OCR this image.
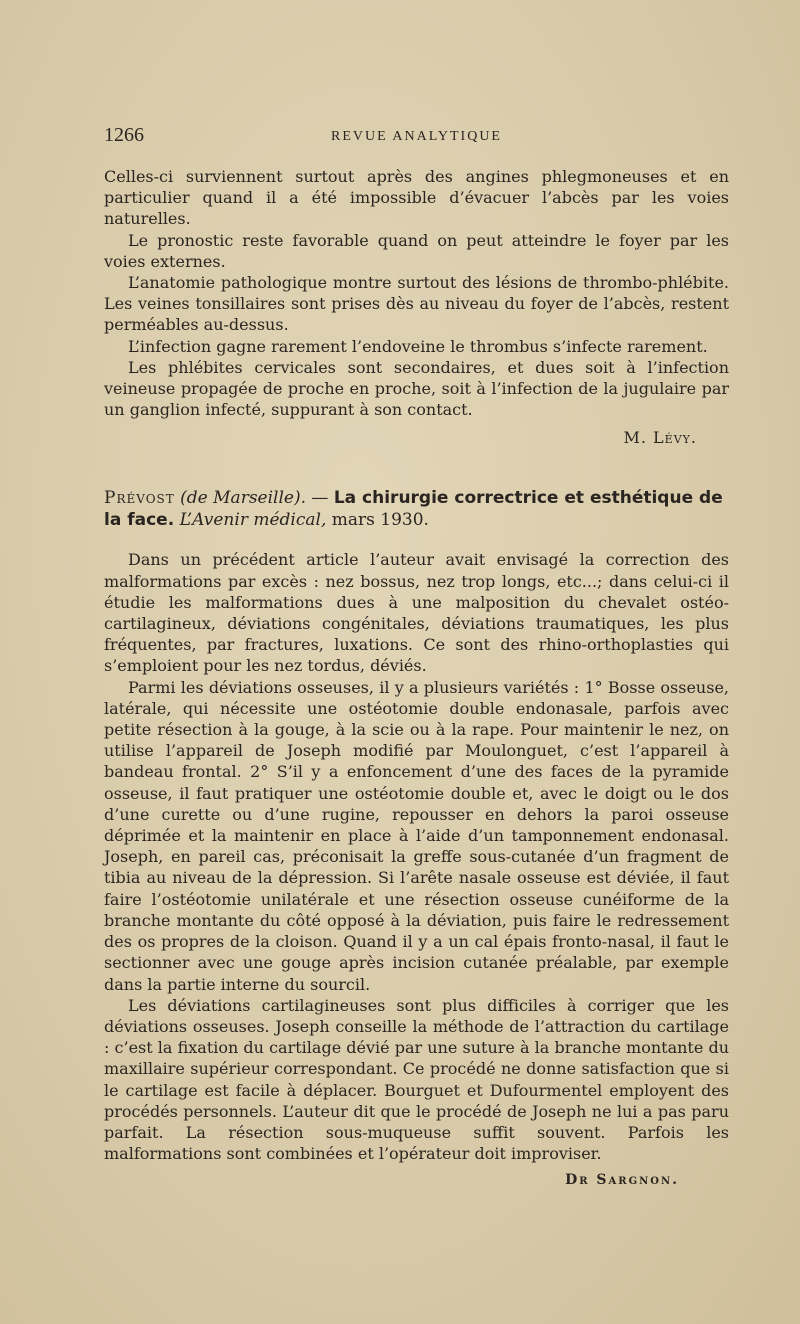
1266	REVUE ANALYTIQUE

Celles-ci surviennent surtout après des angines phlegmoneuses et en particulier quand il a été impossible d’évacuer l’abcès par les voies naturelles.

Le pronostic reste favorable quand on peut atteindre le foyer par les voies externes.

L’anatomie pathologique montre surtout des lésions de thrombo-phlébite. Les veines tonsillaires sont prises dès au niveau du foyer de l’abcès, restent perméables au-dessus.

L’infection gagne rarement l’endoveine le thrombus s’infecte rarement.

Les phlébites cervicales sont secondaires, et dues soit à l’infection veineuse propagée de proche en proche, soit à l’infection de la jugulaire par un ganglion infecté, suppurant à son contact.

M. Lévy.
Prévost (de Marseille). — La chirurgie correctrice et esthétique de la face. L’Avenir médical, mars 1930.

Dans un précédent article l’auteur avait envisagé la correction des malformations par excès : nez bossus, nez trop longs, etc...; dans celui-ci il étudie les malformations dues à une malposition du chevalet ostéo-cartilagineux, déviations congénitales, déviations traumatiques, les plus fréquentes, par fractures, luxations. Ce sont des rhino-orthoplasties qui s’emploient pour les nez tordus, déviés.

Parmi les déviations osseuses, il y a plusieurs variétés : 1° Bosse osseuse, latérale, qui nécessite une ostéotomie double endonasale, parfois avec petite résection à la gouge, à la scie ou à la rape. Pour maintenir le nez, on utilise l’appareil de Joseph modifié par Moulonguet, c’est l’appareil à bandeau frontal. 2° S’il y a enfoncement d’une des faces de la pyramide osseuse, il faut pratiquer une ostéotomie double et, avec le doigt ou le dos d’une curette ou d’une rugine, repousser en dehors la paroi osseuse déprimée et la maintenir en place à l’aide d’un tamponnement endonasal. Joseph, en pareil cas, préconisait la greffe sous-cutanée d’un fragment de tibia au niveau de la dépression. Si l’arête nasale osseuse est déviée, il faut faire l’ostéotomie unilatérale et une résection osseuse cunéiforme de la branche montante du côté opposé à la déviation, puis faire le redressement des os propres de la cloison. Quand il y a un cal épais fronto-nasal, il faut le sectionner avec une gouge après incision cutanée préalable, par exemple dans la partie interne du sourcil.

Les déviations cartilagineuses sont plus difficiles à corriger que les déviations osseuses. Joseph conseille la méthode de l’attraction du cartilage : c’est la fixation du cartilage dévié par une suture à la branche montante du maxillaire supérieur correspondant. Ce procédé ne donne satisfaction que si le cartilage est facile à déplacer. Bourguet et Dufourmentel employent des procédés personnels. L’auteur dit que le procédé de Joseph ne lui a pas paru parfait. La résection sous-muqueuse suffit souvent. Parfois les malformations sont combinées et l’opérateur doit improviser.

Dr Sargnon.
